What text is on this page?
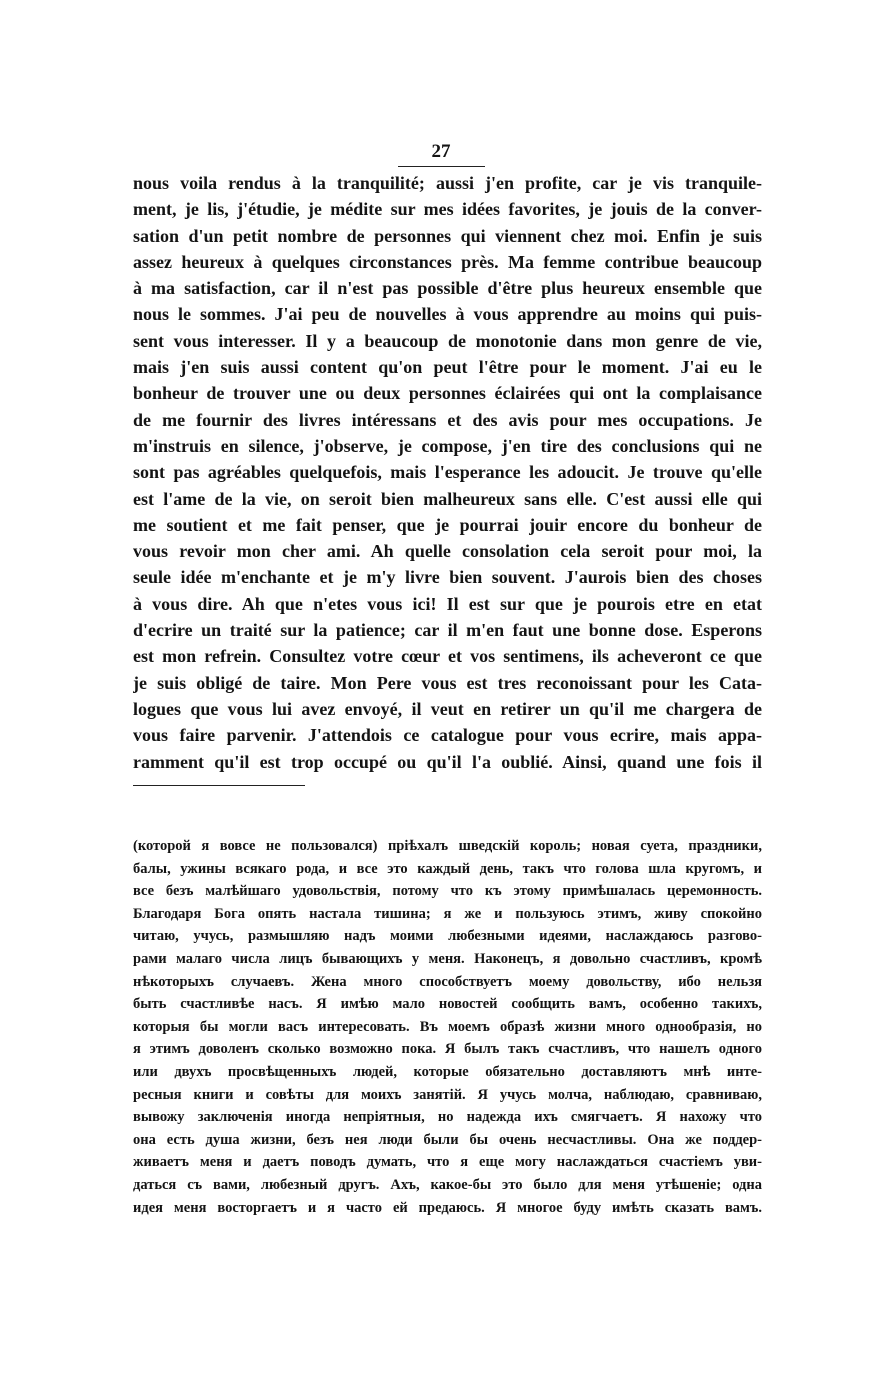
27
nous voila rendus à la tranquilité; aussi j'en profite, car je vis tranquile-
ment, je lis, j'étudie, je médite sur mes idées favorites, je jouis de la conver-
sation d'un petit nombre de personnes qui viennent chez moi. Enfin je suis
assez heureux à quelques circonstances près. Ma femme contribue beaucoup
à ma satisfaction, car il n'est pas possible d'être plus heureux ensemble que
nous le sommes. J'ai peu de nouvelles à vous apprendre au moins qui puis-
sent vous interesser. Il y a beaucoup de monotonie dans mon genre de vie,
mais j'en suis aussi content qu'on peut l'être pour le moment. J'ai eu le
bonheur de trouver une ou deux personnes éclairées qui ont la complaisance
de me fournir des livres intéressans et des avis pour mes occupations. Je
m'instruis en silence, j'observe, je compose, j'en tire des conclusions qui ne
sont pas agréables quelquefois, mais l'esperance les adoucit. Je trouve qu'elle
est l'ame de la vie, on seroit bien malheureux sans elle. C'est aussi elle qui
me soutient et me fait penser, que je pourrai jouir encore du bonheur de
vous revoir mon cher ami. Ah quelle consolation cela seroit pour moi, la
seule idée m'enchante et je m'y livre bien souvent. J'aurois bien des choses
à vous dire. Ah que n'etes vous ici! Il est sur que je pourois etre en etat
d'ecrire un traité sur la patience; car il m'en faut une bonne dose. Esperons
est mon refrein. Consultez votre cœur et vos sentimens, ils acheveront ce que
je suis obligé de taire. Mon Pere vous est tres reconoissant pour les Cata-
logues que vous lui avez envoyé, il veut en retirer un qu'il me chargera de
vous faire parvenir. J'attendois ce catalogue pour vous ecrire, mais appa-
ramment qu'il est trop occupé ou qu'il l'a oublié. Ainsi, quand une fois il
(которой я вовсе не пользовался) пріѣхалъ шведскій король; новая суета, праздники,
балы, ужины всякаго рода, и все это каждый день, такъ что голова шла кругомъ, и
все безъ малѣйшаго удовольствія, потому что къ этому примѣшалась церемонность.
Благодаря Бога опять настала тишина; я же и пользуюсь этимъ, живу спокойно
читаю, учусь, размышляю надъ моими любезными идеями, наслаждаюсь разгово-
рами малаго числа лицъ бывающихъ у меня. Наконецъ, я довольно счастливъ, кромѣ
нѣкоторыхъ случаевъ. Жена много способствуетъ моему довольству, ибо нельзя
быть счастливѣе насъ. Я имѣю мало новостей сообщить вамъ, особенно такихъ,
которыя бы могли васъ интересовать. Въ моемъ образѣ жизни много однообразія, но
я этимъ доволенъ сколько возможно пока. Я былъ такъ счастливъ, что нашелъ одного
или двухъ просвѣщенныхъ людей, которые обязательно доставляютъ мнѣ инте-
ресныя книги и совѣты для моихъ занятій. Я учусь молча, наблюдаю, сравниваю,
вывожу заключенія иногда непріятныя, но надежда ихъ смягчаетъ. Я нахожу что
она есть душа жизни, безъ нея люди были бы очень несчастливы. Она же поддер-
живаетъ меня и даетъ поводъ думать, что я еще могу наслаждаться счастіемъ уви-
даться съ вами, любезный другъ. Ахъ, какое-бы это было для меня утѣшеніе; одна
идея меня восторгаетъ и я часто ей предаюсь. Я многое буду имѣть сказать вамъ.
